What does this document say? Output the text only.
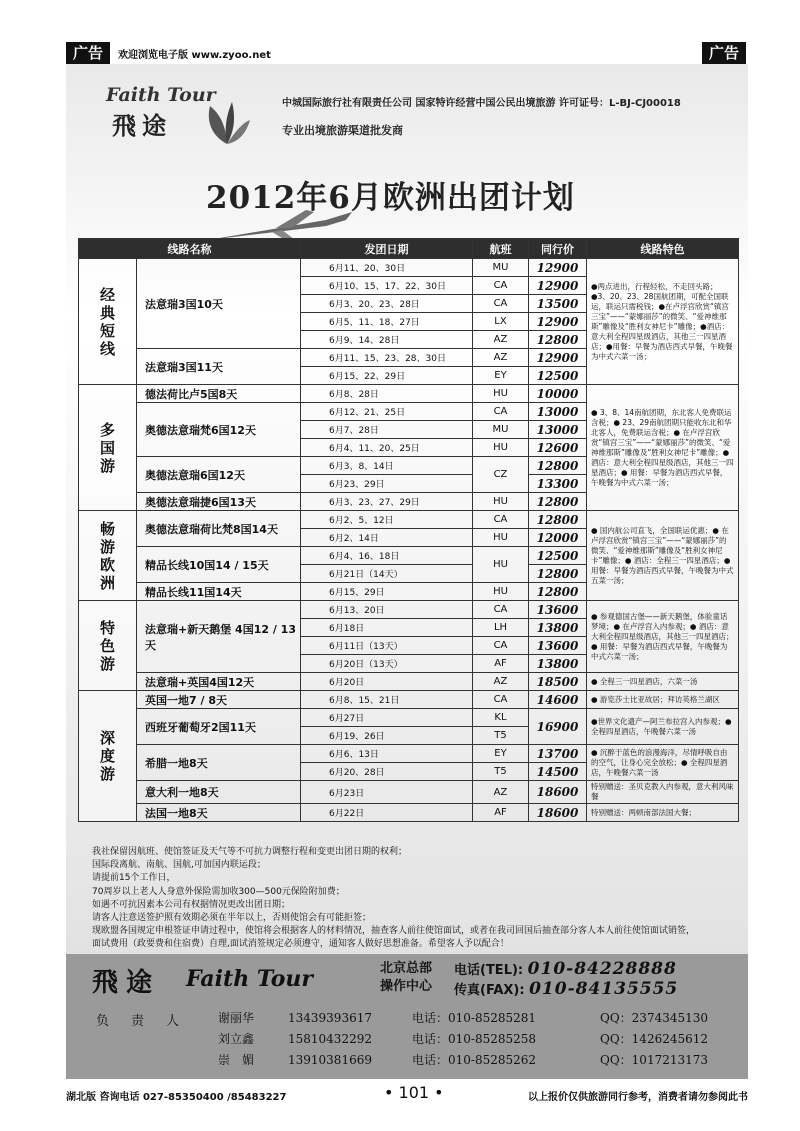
广告	欢迎浏览电子版 www.zyoo.net	广告
Faith Tour
飛途
中城国际旅行社有限责任公司 国家特许经营中国公民出境旅游 许可证号：L-BJ-CJ00018
专业出境旅游渠道批发商
2012年6月欧洲出团计划
线路名称		发团日期	航班	同行价	线路特色
经典短线	法意瑞3国10天	6月11、20、30日	MU	12900	●两点进出，行程轻松，不走回头路；●3、20、23、28国航团期，可配全国联运，联运只需税钱；●在卢浮宫欣赏“镇宫三宝”——“蒙娜丽莎”的微笑、“爱神维那斯”雕像及“胜利女神尼卡”雕像；●酒店：意大利全程四星级酒店，其他三一四星酒店；●用餐：早餐为酒店西式早餐，午晚餐为中式六菜一汤；
		6月10、15、17、22、30日	CA	12900	
		6月3、20、23、28日	CA	13500	
		6月5、11、18、27日	LX	12900	
		6月9、14、28日	AZ	12800	
	法意瑞3国11天	6月11、15、23、28、30日	AZ	12900	
		6月15、22、29日	EY	12500	
多国游	德法荷比卢5国8天	6月8、28日	HU	10000	● 3、8、14南航团期，东北客人免费联运含税；● 23、29南航团期只能收东北和华北客人，免费联运含税；● 在卢浮宫欣赏“镇宫三宝”——“蒙娜丽莎”的微笑、“爱神维那斯”雕像及“胜利女神尼卡”雕像；● 酒店：意大利全程四星级酒店，其他三一四星酒店；● 用餐：早餐为酒店西式早餐，午晚餐为中式六菜一汤；
	奥德法意瑞梵6国12天	6月12、21、25日	CA	13000	
		6月7、28日	MU	13000	
		6月4、11、20、25日	HU	12600	
	奥德法意瑞6国12天	6月3、8、14日	CZ	12800	
		6月23、29日		13300	
	奥德法意瑞捷6国13天	6月3、23、27、29日	HU	12800	
畅游欧洲	奥德法意瑞荷比梵8国14天	6月2、5、12日	CA	12800	● 国内航公司直飞，全国联运优惠；● 在卢浮宫欣赏“镇宫三宝”——“蒙娜丽莎”的微笑、“爱神维那斯”雕像及“胜利女神尼卡”雕像；● 酒店：全程三一四星酒店；● 用餐：早餐为酒店西式早餐，午晚餐为中式五菜一汤；
		6月2、14日	HU	12000	
	精品长线10国14 / 15天	6月4、16、18日	HU	12500	
		6月21日（14天）		12800	
	精品长线11国14天	6月15、29日	HU	12800	
特色游	法意瑞+新天鹅堡 4国12 / 13天	6月13、20日	CA	13600	● 参观德国古堡——新天鹅堡，体验童话梦境；● 在卢浮宫入内参观；● 酒店：意大利全程四星级酒店，其他三一四星酒店；● 用餐：早餐为酒店西式早餐，午晚餐为中式六菜一汤；
		6月18日	LH	13800	
		6月11日（13天）	CA	13600	
		6月20日（13天）	AF	13800	
	法意瑞+英国4国12天	6月20日	AZ	18500	● 全程三一四星酒店，六菜一汤
深度游	英国一地7 / 8天	6月8、15、21日	CA	14600	● 游览莎士比亚故居；拜访英格兰湖区
	西班牙葡萄牙2国11天	6月27日	KL	16900	●世界文化遗产—阿兰布拉宫入内参观；●全程四星酒店，午晚餐六菜一汤
		6月19、26日	T5		
	希腊一地8天	6月6、13日	EY	13700	● 沉醉于蓝色的浪漫海洋，尽情呼吸自由的空气，让身心完全放松；● 全程四星酒店，午晚餐六菜一汤
		6月20、28日	T5	14500	
	意大利一地8天	6月23日	AZ	18600	特别赠送：圣贝克教入内参观，意大利风味餐
	法国一地8天	6月22日	AF	18600	特别赠送：两顿南部法国大餐；
我社保留因航班、使馆签证及天气等不可抗力调整行程和变更出团日期的权利；
国际段离航、南航、国航,可加国内联运段；
请提前15个工作日，
70周岁以上老人人身意外保险需加收300—500元保险附加费；
如遇不可抗因素本公司有权据情况更改出团日期；
请客人注意送签护照有效期必须在半年以上，否则使馆会有可能拒签；
现欧盟各国规定申根签证申请过程中，使馆将会根据客人的材料情况，抽查客人前往使馆面试，或者在我司回国后抽查部分客人本人前往使馆面试销签，
面试费用（政要费和住宿费）自理,面试消签规定必须遵守，通知客人做好思想准备。希望客人予以配合！
飛途 Faith Tour	北京总部
操作中心
电话(TEL): 010-84228888
传真(FAX): 010-84135555
负责人 谢丽华	13439393617	电话：010-85285281	QQ：2374345130
刘立鑫	15810432292	电话：010-85285258	QQ：1426245612
崇　媚	13910381669	电话：010-85285262	QQ：1017213173
湖北版 咨询电话 027-85350400 /85483227	• 101 •	以上报价仅供旅游同行参考，消费者请勿参阅此书
